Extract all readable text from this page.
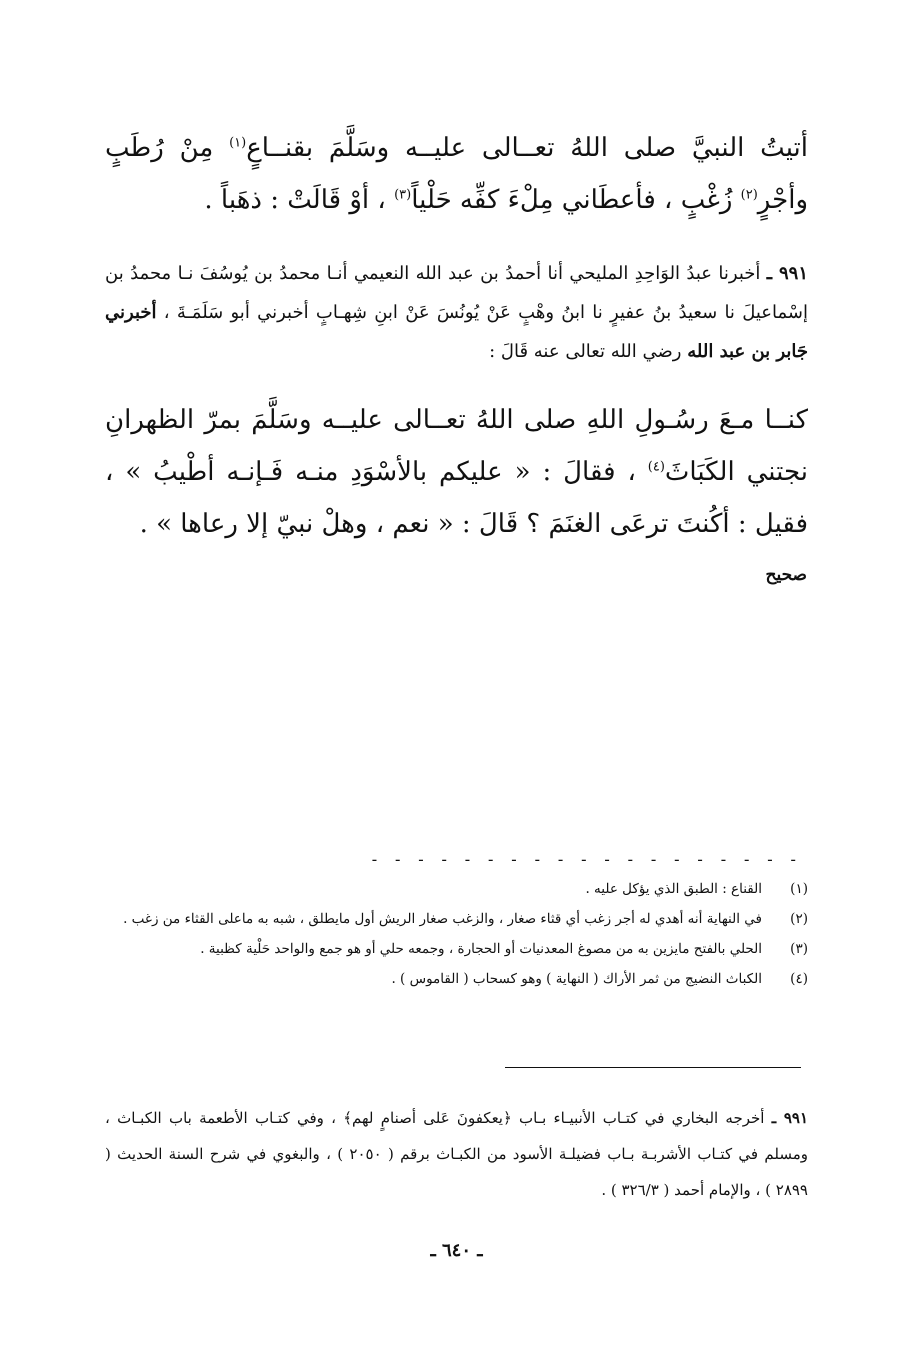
أتيتُ النبيَّ صلى اللهُ تعــالى عليــه وسَلَّمَ بقنــاعٍ$^{(١)}$ مِنْ رُطَبٍ وأجْرٍ$^{(٢)}$ زُغْبٍ ، فأعطَاني مِلْءَ كفِّه حَلْياً$^{(٣)}$ ، أوْ قَالَتْ : ذهَباً .
٩٩١ ـ أخبرنا عبدُ الوَاحِدِ المليحي أنا أحمدُ بن عبد الله النعيمي أنـا محمدُ بن يُوسُفَ نـا محمدُ بن إسْماعيلَ نا سعيدُ بنُ عفيرٍ نا ابنُ وهْبٍ عَنْ يُونُسَ عَنْ ابنِ شِهـابٍ أخبرني أبو سَلَمَـةَ ، أخبرني جَابر بن عبد الله رضي الله تعالى عنه قَالَ :
كنــا مـعَ رسُـولِ اللهِ صلى اللهُ تعــالى عليــه وسَلَّمَ بمرّ الظهرانِ نجتني الكَبَاثَ$^{(٤)}$ ، فقالَ : « عليكم بالأسْوَدِ منـه فَـإنـه أطْيبُ » ، فقيل : أكُنتَ ترعَى الغنَمَ ؟ قَالَ : « نعم ، وهلْ نبيّ إلا رعاها » .
صحيح
- - - - - - - - - - - - - - - - - - -
(١)
القناع : الطبق الذي يؤكل عليه .
(٢)
في النهاية أنه أهدي له أجر زغب أي قثاء صغار ، والزغب صغار الريش أول مايطلق ، شبه به ماعلى القثاء من زغب .
(٣)
الحلي بالفتح مايزين به من مصوغ المعدنيات أو الحجارة ، وجمعه حلي أو هو جمع والواحد حَلْية كظبية .
(٤)
الكباث النضيج من ثمر الأراك ( النهاية ) وهو كسحاب ( القاموس ) .
٩٩١ ـ أخرجه البخاري في كتـاب الأنبيـاء بـاب ﴿يعكفونَ عَلى أصنامٍ لهم﴾ ، وفي كتـاب الأطعمة باب الكبـاث ، ومسلم في كتـاب الأشربـة بـاب فضيلـة الأسود من الكبـاث برقم ( ٢٠٥٠ ) ، والبغوي في شرح السنة الحديث ( ٢٨٩٩ ) ، والإمام أحمد ( ٣٢٦/٣ ) .
ـ ٦٤٠ ـ
